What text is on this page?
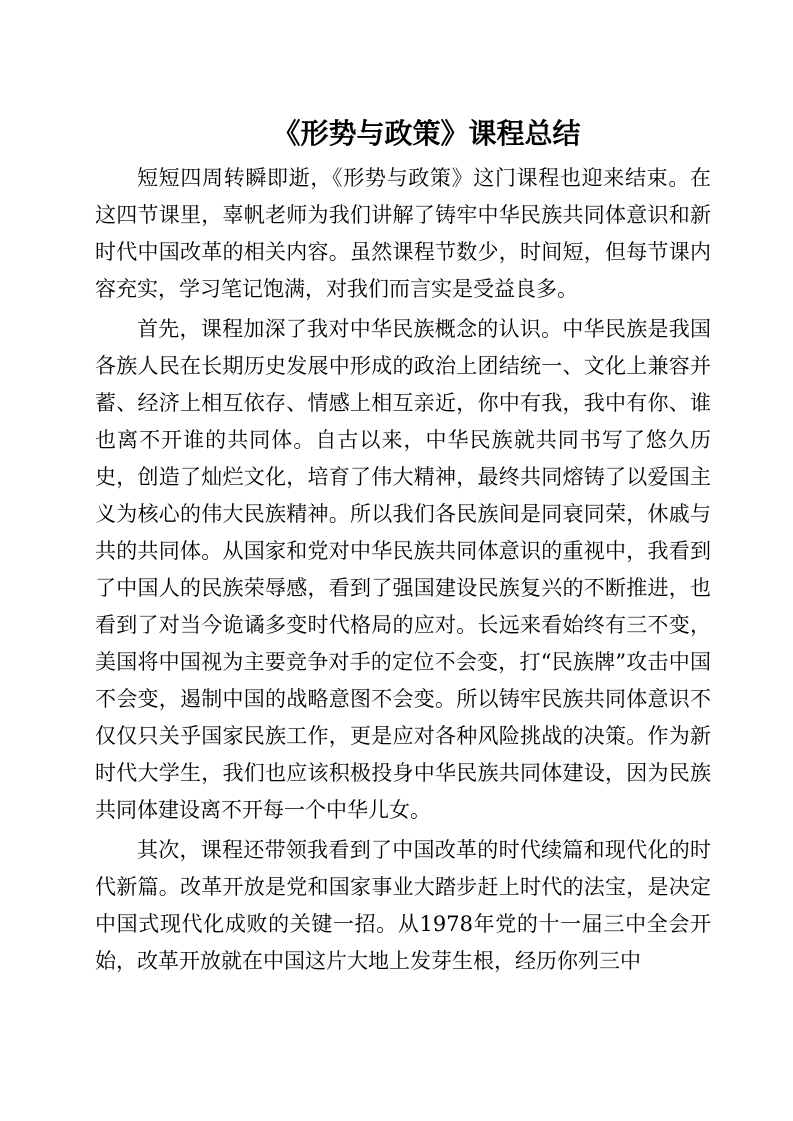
《形势与政策》课程总结

短短四周转瞬即逝，《形势与政策》这门课程也迎来结束。在这四节课里，辜帆老师为我们讲解了铸牢中华民族共同体意识和新时代中国改革的相关内容。虽然课程节数少，时间短，但每节课内容充实，学习笔记饱满，对我们而言实是受益良多。

首先，课程加深了我对中华民族概念的认识。中华民族是我国各族人民在长期历史发展中形成的政治上团结统一、文化上兼容并蓄、经济上相互依存、情感上相互亲近，你中有我，我中有你、谁也离不开谁的共同体。自古以来，中华民族就共同书写了悠久历史，创造了灿烂文化，培育了伟大精神，最终共同熔铸了以爱国主义为核心的伟大民族精神。所以我们各民族间是同衰同荣，休戚与共的共同体。从国家和党对中华民族共同体意识的重视中，我看到了中国人的民族荣辱感，看到了强国建设民族复兴的不断推进，也看到了对当今诡谲多变时代格局的应对。长远来看始终有三不变，美国将中国视为主要竞争对手的定位不会变，打“民族牌”攻击中国不会变，遏制中国的战略意图不会变。所以铸牢民族共同体意识不仅仅只关乎国家民族工作，更是应对各种风险挑战的决策。作为新时代大学生，我们也应该积极投身中华民族共同体建设，因为民族共同体建设离不开每一个中华儿女。

其次，课程还带领我看到了中国改革的时代续篇和现代化的时代新篇。改革开放是党和国家事业大踏步赶上时代的法宝，是决定中国式现代化成败的关键一招。从1978年党的十一届三中全会开始，改革开放就在中国这片大地上发芽生根，经历你列三中
